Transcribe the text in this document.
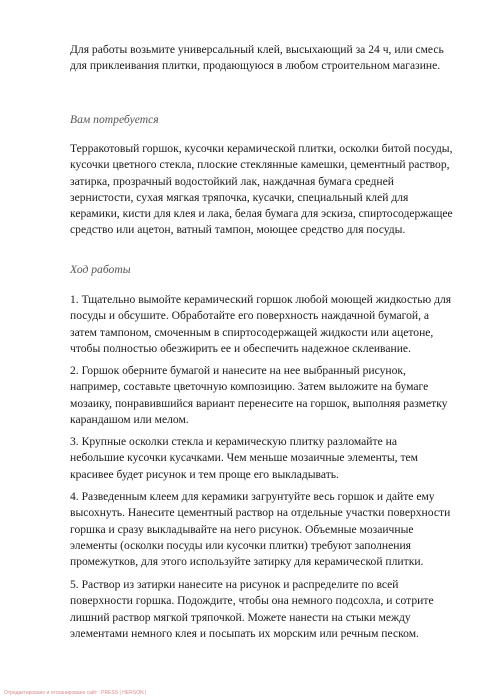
Для работы возьмите универсальный клей, высыхающий за 24 ч, или смесь для приклеивания плитки, продающуюся в любом строительном магазине.

Вам потребуется

Терракотовый горшок, кусочки керамической плитки, осколки битой посуды, кусочки цветного стекла, плоские стеклянные камешки, цементный раствор, затирка, прозрачный водостойкий лак, наждачная бумага средней зернистости, сухая мягкая тряпочка, кусачки, специальный клей для керамики, кисти для клея и лака, белая бумага для эскиза, спиртосодержащее средство или ацетон, ватный тампон, моющее средство для посуды.

Ход работы

1. Тщательно вымойте керамический горшок любой моющей жидкостью для посуды и обсушите. Обработайте его поверхность наждачной бумагой, а затем тампоном, смоченным в спиртосодержащей жидкости или ацетоне, чтобы полностью обезжирить ее и обеспечить надежное склеивание.

2. Горшок оберните бумагой и нанесите на нее выбранный рисунок, например, составьте цветочную композицию. Затем выложите на бумаге мозаику, понравившийся вариант перенесите на горшок, выполняя разметку карандашом или мелом.

3. Крупные осколки стекла и керамическую плитку разломайте на небольшие кусочки кусачками. Чем меньше мозаичные элементы, тем красивее будет рисунок и тем проще его выкладывать.

4. Разведенным клеем для керамики загрунтуйте весь горшок и дайте ему высохнуть. Нанесите цементный раствор на отдельные участки поверхности горшка и сразу выкладывайте на него рисунок. Объемные мозаичные элементы (осколки посуды или кусочки плитки) требуют заполнения промежутков, для этого используйте затирку для керамической плитки.

5. Раствор из затирки нанесите на рисунок и распределите по всей поверхности горшка. Подождите, чтобы она немного подсохла, и сотрите лишний раствор мягкой тряпочкой. Можете нанести на стыки между элементами немного клея и посыпать их морским или речным песком.

Отредактировано и отсканировано сайт : PRESS | HERSON |
